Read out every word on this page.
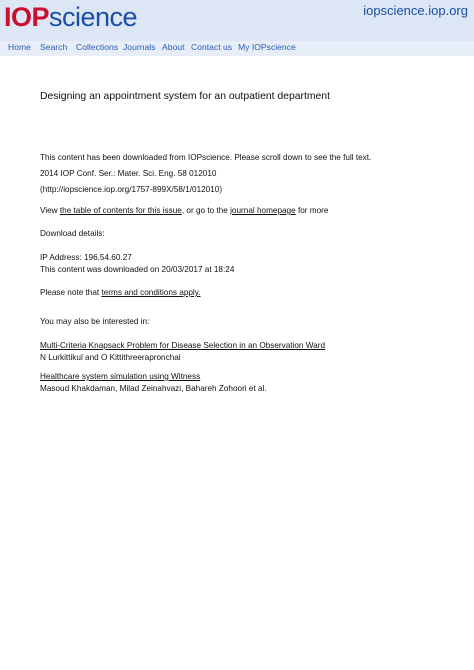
IOPscience	iopscience.iop.org
Home Search Collections Journals About Contact us My IOPscience
Designing an appointment system for an outpatient department
This content has been downloaded from IOPscience. Please scroll down to see the full text.
2014 IOP Conf. Ser.: Mater. Sci. Eng. 58 012010
(http://iopscience.iop.org/1757-899X/58/1/012010)
View the table of contents for this issue, or go to the journal homepage for more
Download details:
IP Address: 196.54.60.27
This content was downloaded on 20/03/2017 at 18:24
Please note that terms and conditions apply.
You may also be interested in:
Multi-Criteria Knapsack Problem for Disease Selection in an Observation Ward
N Lurkittikul and O Kittithreerapronchai
Healthcare system simulation using Witness
Masoud Khakdaman, Milad Zeinahvazi, Bahareh Zohoori et al.
